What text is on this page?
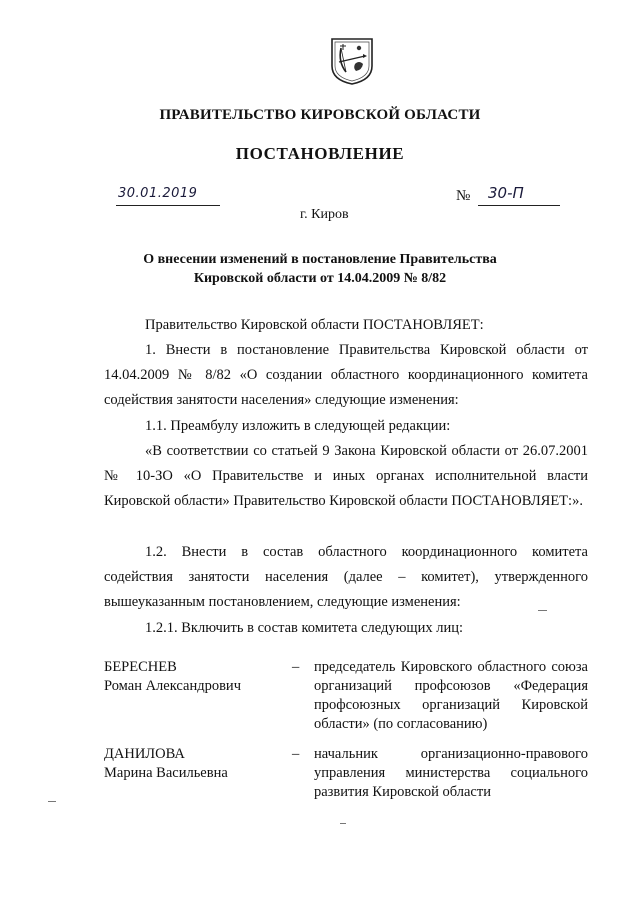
ПРАВИТЕЛЬСТВО КИРОВСКОЙ ОБЛАСТИ
ПОСТАНОВЛЕНИЕ
30.01.2019	№ 30-П
г. Киров
О внесении изменений в постановление Правительства
Кировской области от 14.04.2009 № 8/82
Правительство Кировской области ПОСТАНОВЛЯЕТ:
1. Внести в постановление Правительства Кировской области от 14.04.2009 № 8/82 «О создании областного координационного комитета содействия занятости населения» следующие изменения:
1.1. Преамбулу изложить в следующей редакции:
«В соответствии со статьей 9 Закона Кировской области от 26.07.2001 № 10-ЗО «О Правительстве и иных органах исполнительной власти Кировской области» Правительство Кировской области ПОСТАНОВЛЯЕТ:».
1.2. Внести в состав областного координационного комитета содействия занятости населения (далее – комитет), утвержденного вышеуказанным постановлением, следующие изменения:
1.2.1. Включить в состав комитета следующих лиц:
БЕРЕСНЕВ
Роман Александрович
– председатель Кировского областного союза организаций профсоюзов «Федерация профсоюзных организаций Кировской области» (по согласованию)
ДАНИЛОВА
Марина Васильевна
– начальник организационно-правового управления министерства социального развития Кировской области
